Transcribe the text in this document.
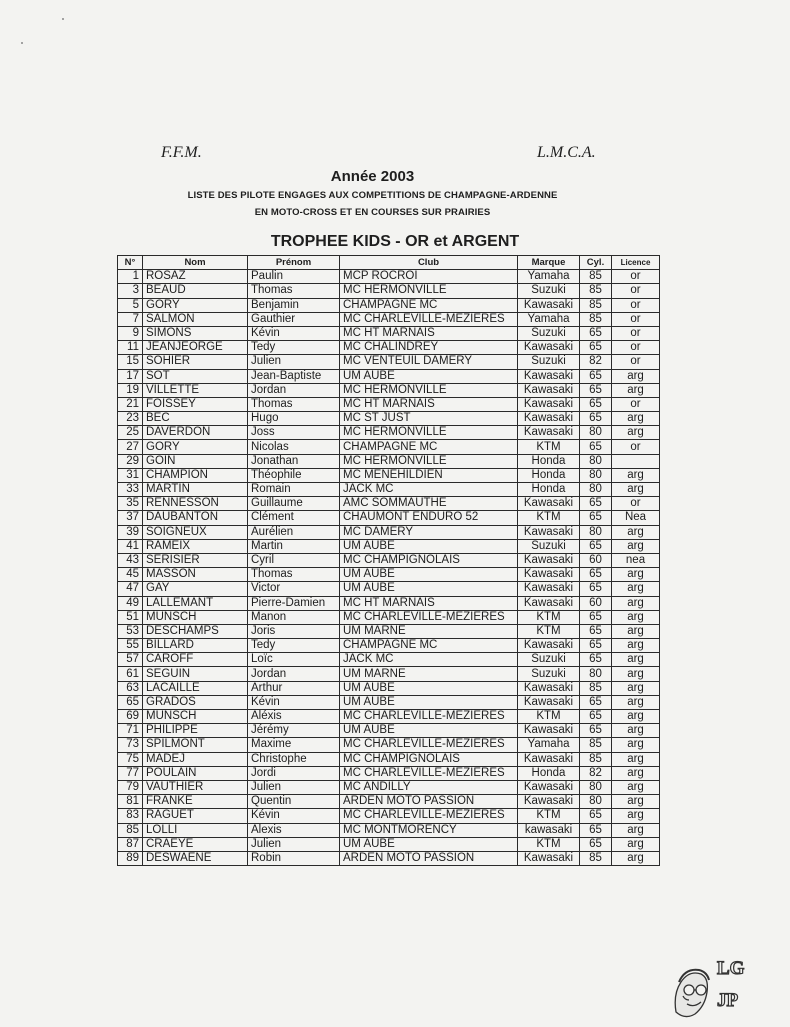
F.F.M.	L.M.C.A.
Année 2003
LISTE DES PILOTE ENGAGES AUX COMPETITIONS DE CHAMPAGNE-ARDENNE
EN MOTO-CROSS ET EN COURSES SUR PRAIRIES
TROPHEE KIDS - OR et ARGENT
N°	Nom	Prénom	Club	Marque	Cyl.	Licence
1	ROSAZ	Paulin	MCP ROCROI	Yamaha	85	or
3	BEAUD	Thomas	MC HERMONVILLE	Suzuki	85	or
5	GORY	Benjamin	CHAMPAGNE MC	Kawasaki	85	or
7	SALMON	Gauthier	MC CHARLEVILLE-MEZIERES	Yamaha	85	or
9	SIMONS	Kévin	MC HT MARNAIS	Suzuki	65	or
11	JEANJEORGE	Tedy	MC CHALINDREY	Kawasaki	65	or
15	SOHIER	Julien	MC VENTEUIL DAMERY	Suzuki	82	or
17	SOT	Jean-Baptiste	UM AUBE	Kawasaki	65	arg
19	VILLETTE	Jordan	MC HERMONVILLE	Kawasaki	65	arg
21	FOISSEY	Thomas	MC HT MARNAIS	Kawasaki	65	or
23	BEC	Hugo	MC ST JUST	Kawasaki	65	arg
25	DAVERDON	Joss	MC HERMONVILLE	Kawasaki	80	arg
27	GORY	Nicolas	CHAMPAGNE MC	KTM	65	or
29	GOIN	Jonathan	MC HERMONVILLE	Honda	80	
31	CHAMPION	Théophile	MC MENEHILDIEN	Honda	80	arg
33	MARTIN	Romain	JACK MC	Honda	80	arg
35	RENNESSON	Guillaume	AMC SOMMAUTHE	Kawasaki	65	or
37	DAUBANTON	Clément	CHAUMONT ENDURO 52	KTM	65	Nea
39	SOIGNEUX	Aurélien	MC DAMERY	Kawasaki	80	arg
41	RAMEIX	Martin	UM AUBE	Suzuki	65	arg
43	SERISIER	Cyril	MC CHAMPIGNOLAIS	Kawasaki	60	nea
45	MASSON	Thomas	UM AUBE	Kawasaki	65	arg
47	GAY	Victor	UM AUBE	Kawasaki	65	arg
49	LALLEMANT	Pierre-Damien	MC HT MARNAIS	Kawasaki	60	arg
51	MUNSCH	Manon	MC CHARLEVILLE-MEZIERES	KTM	65	arg
53	DESCHAMPS	Joris	UM MARNE	KTM	65	arg
55	BILLARD	Tedy	CHAMPAGNE MC	Kawasaki	65	arg
57	CAROFF	Loïc	JACK MC	Suzuki	65	arg
61	SEGUIN	Jordan	UM MARNE	Suzuki	80	arg
63	LACAILLE	Arthur	UM AUBE	Kawasaki	85	arg
65	GRADOS	Kévin	UM AUBE	Kawasaki	65	arg
69	MUNSCH	Aléxis	MC CHARLEVILLE-MEZIERES	KTM	65	arg
71	PHILIPPE	Jérémy	UM AUBE	Kawasaki	65	arg
73	SPILMONT	Maxime	MC CHARLEVILLE-MEZIERES	Yamaha	85	arg
75	MADEJ	Christophe	MC CHAMPIGNOLAIS	Kawasaki	85	arg
77	POULAIN	Jordi	MC CHARLEVILLE-MEZIERES	Honda	82	arg
79	VAUTHIER	Julien	MC ANDILLY	Kawasaki	80	arg
81	FRANKE	Quentin	ARDEN MOTO PASSION	Kawasaki	80	arg
83	RAGUET	Kévin	MC CHARLEVILLE-MEZIERES	KTM	65	arg
85	LOLLI	Alexis	MC MONTMORENCY	kawasaki	65	arg
87	CRAEYE	Julien	UM AUBE	KTM	65	arg
89	DESWAENE	Robin	ARDEN MOTO PASSION	Kawasaki	85	arg
LG
JP
